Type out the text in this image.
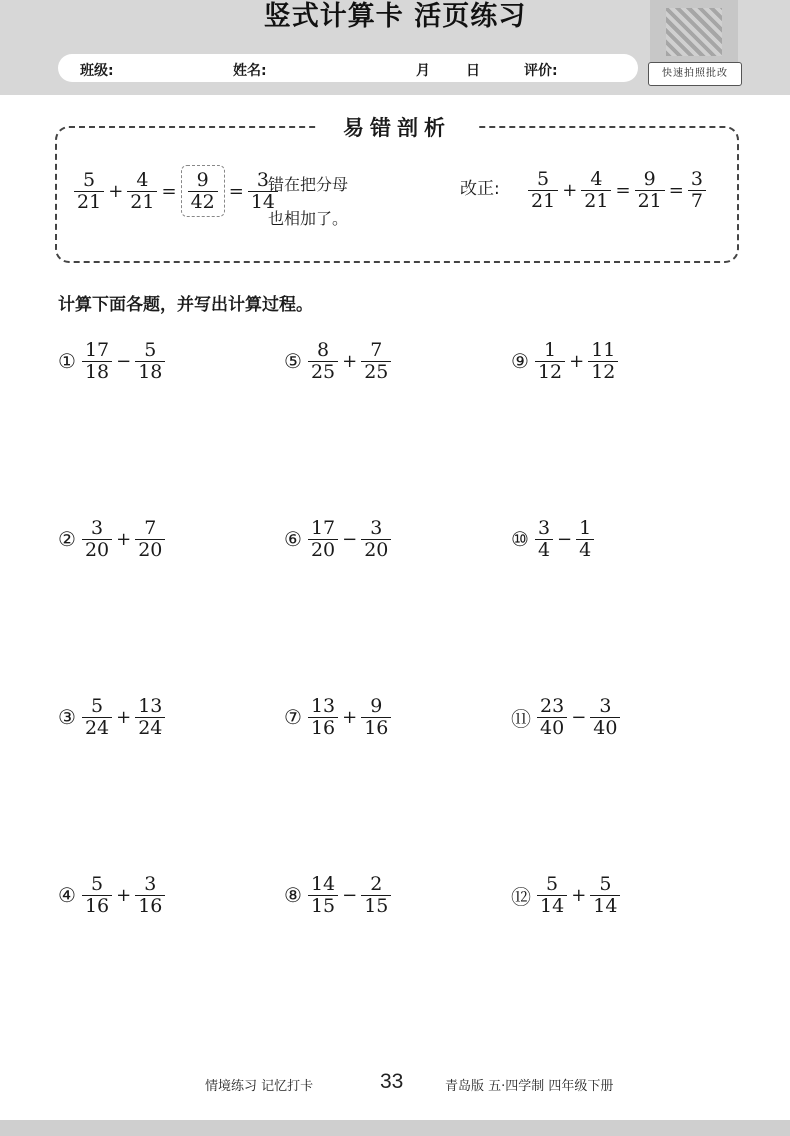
竖式计算卡 活页练习
班级:	姓名:	月	日	评价:	快速拍照批改
易错剖析
$\frac{5}{21} + \frac{4}{21} = \frac{9}{42} = \frac{3}{14}$
错在把分母
也相加了。
改正: $\frac{5}{21} + \frac{4}{21} = \frac{9}{21} = \frac{3}{7}$
计算下面各题，并写出计算过程。
① $\frac{17}{18} - \frac{5}{18}$
② $\frac{3}{20} + \frac{7}{20}$
③ $\frac{5}{24} + \frac{13}{24}$
④ $\frac{5}{16} + \frac{3}{16}$
⑤ $\frac{8}{25} + \frac{7}{25}$
⑥ $\frac{17}{20} - \frac{3}{20}$
⑦ $\frac{13}{16} + \frac{9}{16}$
⑧ $\frac{14}{15} - \frac{2}{15}$
⑨ $\frac{1}{12} + \frac{11}{12}$
⑩ $\frac{3}{4} - \frac{1}{4}$
⑪ $\frac{23}{40} - \frac{3}{40}$
⑫ $\frac{5}{14} + \frac{5}{14}$
情境练习 记忆打卡	33	青岛版 五·四学制 四年级下册
